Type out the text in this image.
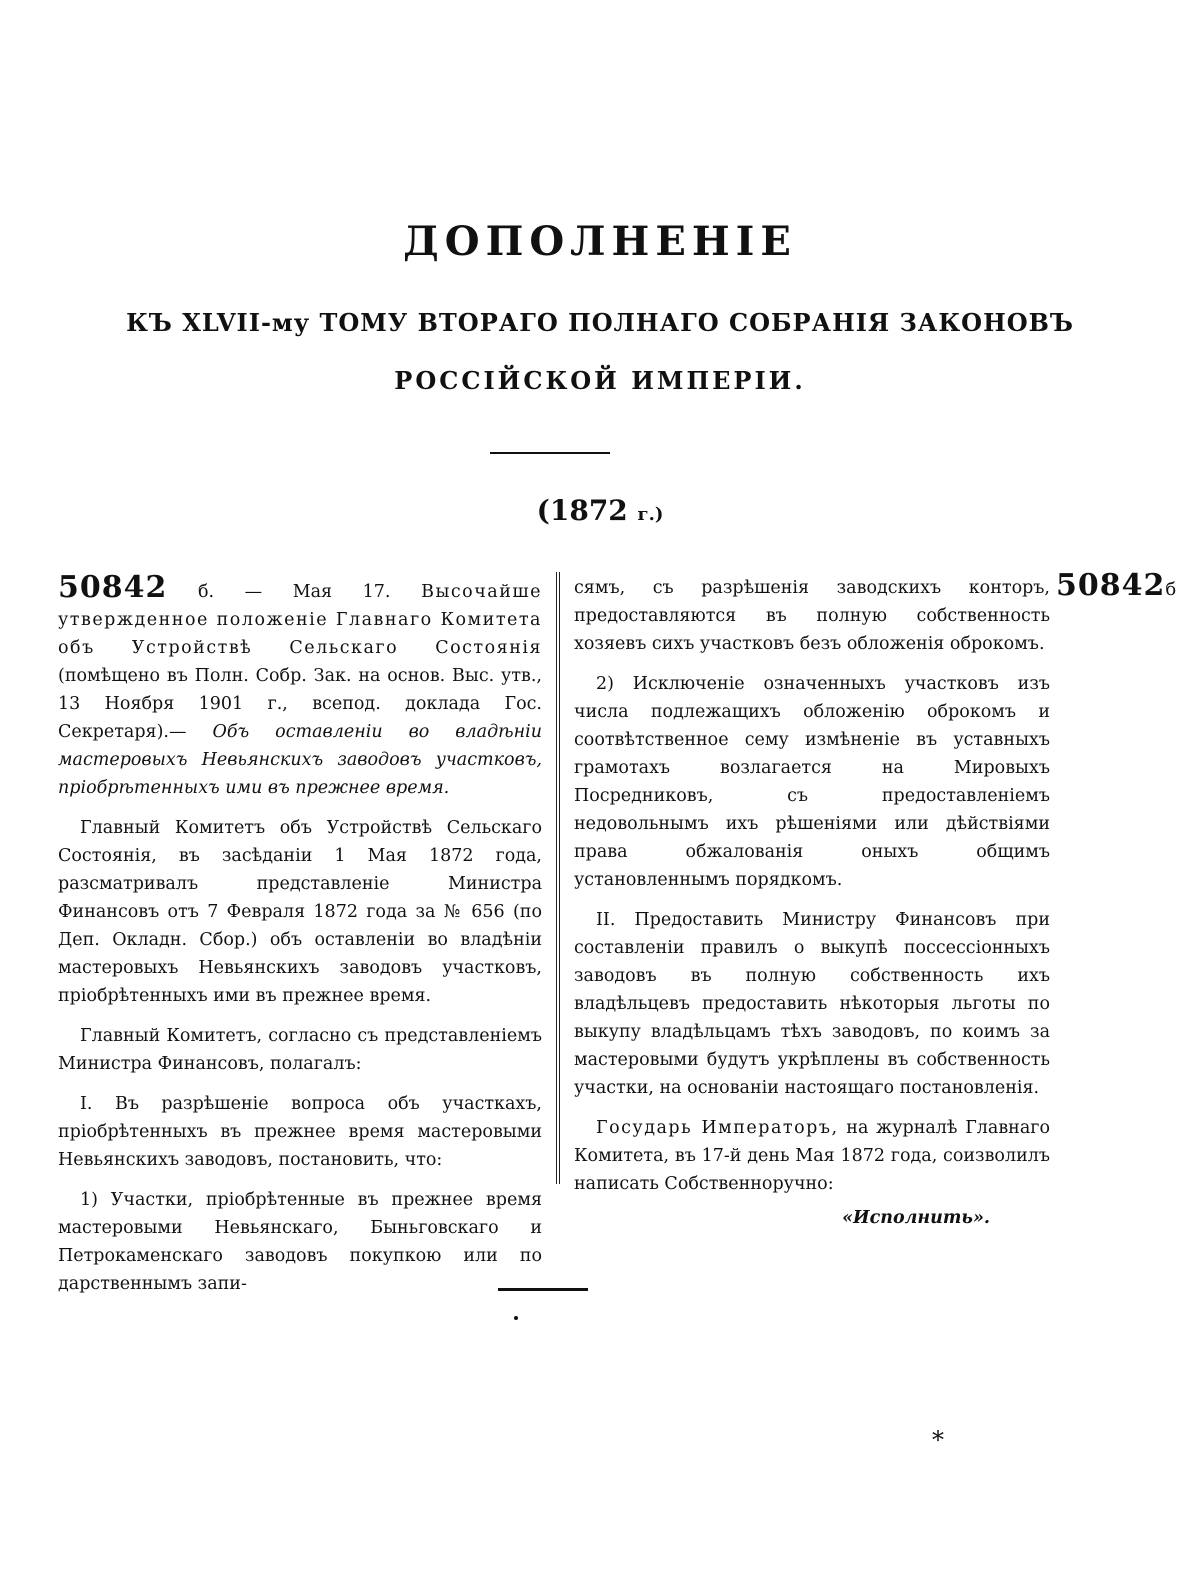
ДОПОЛНЕНІЕ
КЪ XLVII-му ТОМУ ВТОРАГО ПОЛНАГО СОБРАНІЯ ЗАКОНОВЪ
РОССІЙСКОЙ ИМПЕРІИ.
(1872 г.)

50842 б. — Мая 17. Высочайше утвержденное положеніе Главнаго Комитета объ Устройствѣ Сельскаго Состоянія (помѣщено въ Полн. Собр. Зак. на основ. Выс. утв., 13 Ноября 1901 г., всепод. доклада Гос. Секретаря).— Объ оставленіи во владѣніи мастеровыхъ Невьянскихъ заводовъ участковъ, пріобрѣтенныхъ ими въ прежнее время.

Главный Комитетъ объ Устройствѣ Сельскаго Состоянія, въ засѣданіи 1 Мая 1872 года, разсматривалъ представленіе Министра Финансовъ отъ 7 Февраля 1872 года за № 656 (по Деп. Окладн. Сбор.) объ оставленіи во владѣніи мастеровыхъ Невьянскихъ заводовъ участковъ, пріобрѣтенныхъ ими въ прежнее время.

Главный Комитетъ, согласно съ представленіемъ Министра Финансовъ, полагалъ:

I. Въ разрѣшеніе вопроса объ участкахъ, пріобрѣтенныхъ въ прежнее время мастеровыми Невьянскихъ заводовъ, постановить, что:

1) Участки, пріобрѣтенные въ прежнее время мастеровыми Невьянскаго, Быньговскаго и Петрокаменскаго заводовъ покупкою или по дарственнымъ запи-

сямъ, съ разрѣшенія заводскихъ конторъ, предоставляются въ полную собственность хозяевъ сихъ участковъ безъ обложенія оброкомъ.

2) Исключеніе означенныхъ участковъ изъ числа подлежащихъ обложенію оброкомъ и соотвѣтственное сему измѣненіе въ уставныхъ грамотахъ возлагается на Мировыхъ Посредниковъ, съ предоставленіемъ недовольнымъ ихъ рѣшеніями или дѣйствіями права обжалованія оныхъ общимъ установленнымъ порядкомъ.

II. Предоставить Министру Финансовъ при составленіи правилъ о выкупѣ поссессіонныхъ заводовъ въ полную собственность ихъ владѣльцевъ предоставить нѣкоторыя льготы по выкупу владѣльцамъ тѣхъ заводовъ, по коимъ за мастеровыми будутъ укрѣплены въ собственность участки, на основаніи настоящаго постановленія.

Государь Императоръ, на журналѣ Главнаго Комитета, въ 17-й день Мая 1872 года, соизволилъ написать Собственноручно:

«Исполнить».

50842б
*
